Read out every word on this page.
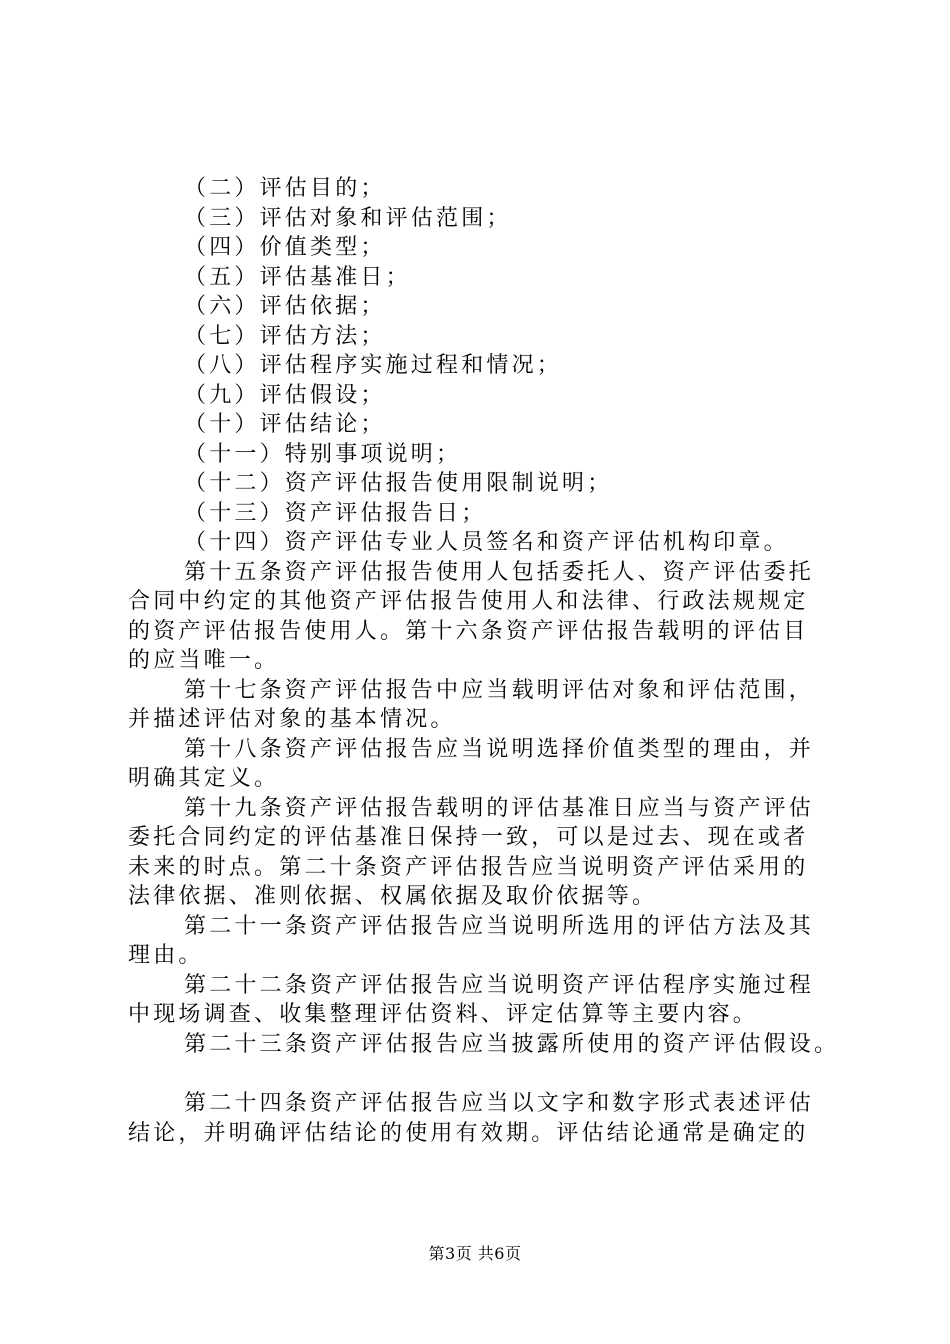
（二）评估目的；
（三）评估对象和评估范围；
（四）价值类型；
（五）评估基准日；
（六）评估依据；
（七）评估方法；
（八）评估程序实施过程和情况；
（九）评估假设；
（十）评估结论；
（十一）特别事项说明；
（十二）资产评估报告使用限制说明；
（十三）资产评估报告日；
（十四）资产评估专业人员签名和资产评估机构印章。
第十五条资产评估报告使用人包括委托人、资产评估委托
合同中约定的其他资产评估报告使用人和法律、行政法规规定
的资产评估报告使用人。第十六条资产评估报告载明的评估目
的应当唯一。
第十七条资产评估报告中应当载明评估对象和评估范围，
并描述评估对象的基本情况。
第十八条资产评估报告应当说明选择价值类型的理由，并
明确其定义。
第十九条资产评估报告载明的评估基准日应当与资产评估
委托合同约定的评估基准日保持一致，可以是过去、现在或者
未来的时点。第二十条资产评估报告应当说明资产评估采用的
法律依据、准则依据、权属依据及取价依据等。
第二十一条资产评估报告应当说明所选用的评估方法及其
理由。
第二十二条资产评估报告应当说明资产评估程序实施过程
中现场调查、收集整理评估资料、评定估算等主要内容。
第二十三条资产评估报告应当披露所使用的资产评估假设。
第二十四条资产评估报告应当以文字和数字形式表述评估
结论，并明确评估结论的使用有效期。评估结论通常是确定的
第3页 共6页
